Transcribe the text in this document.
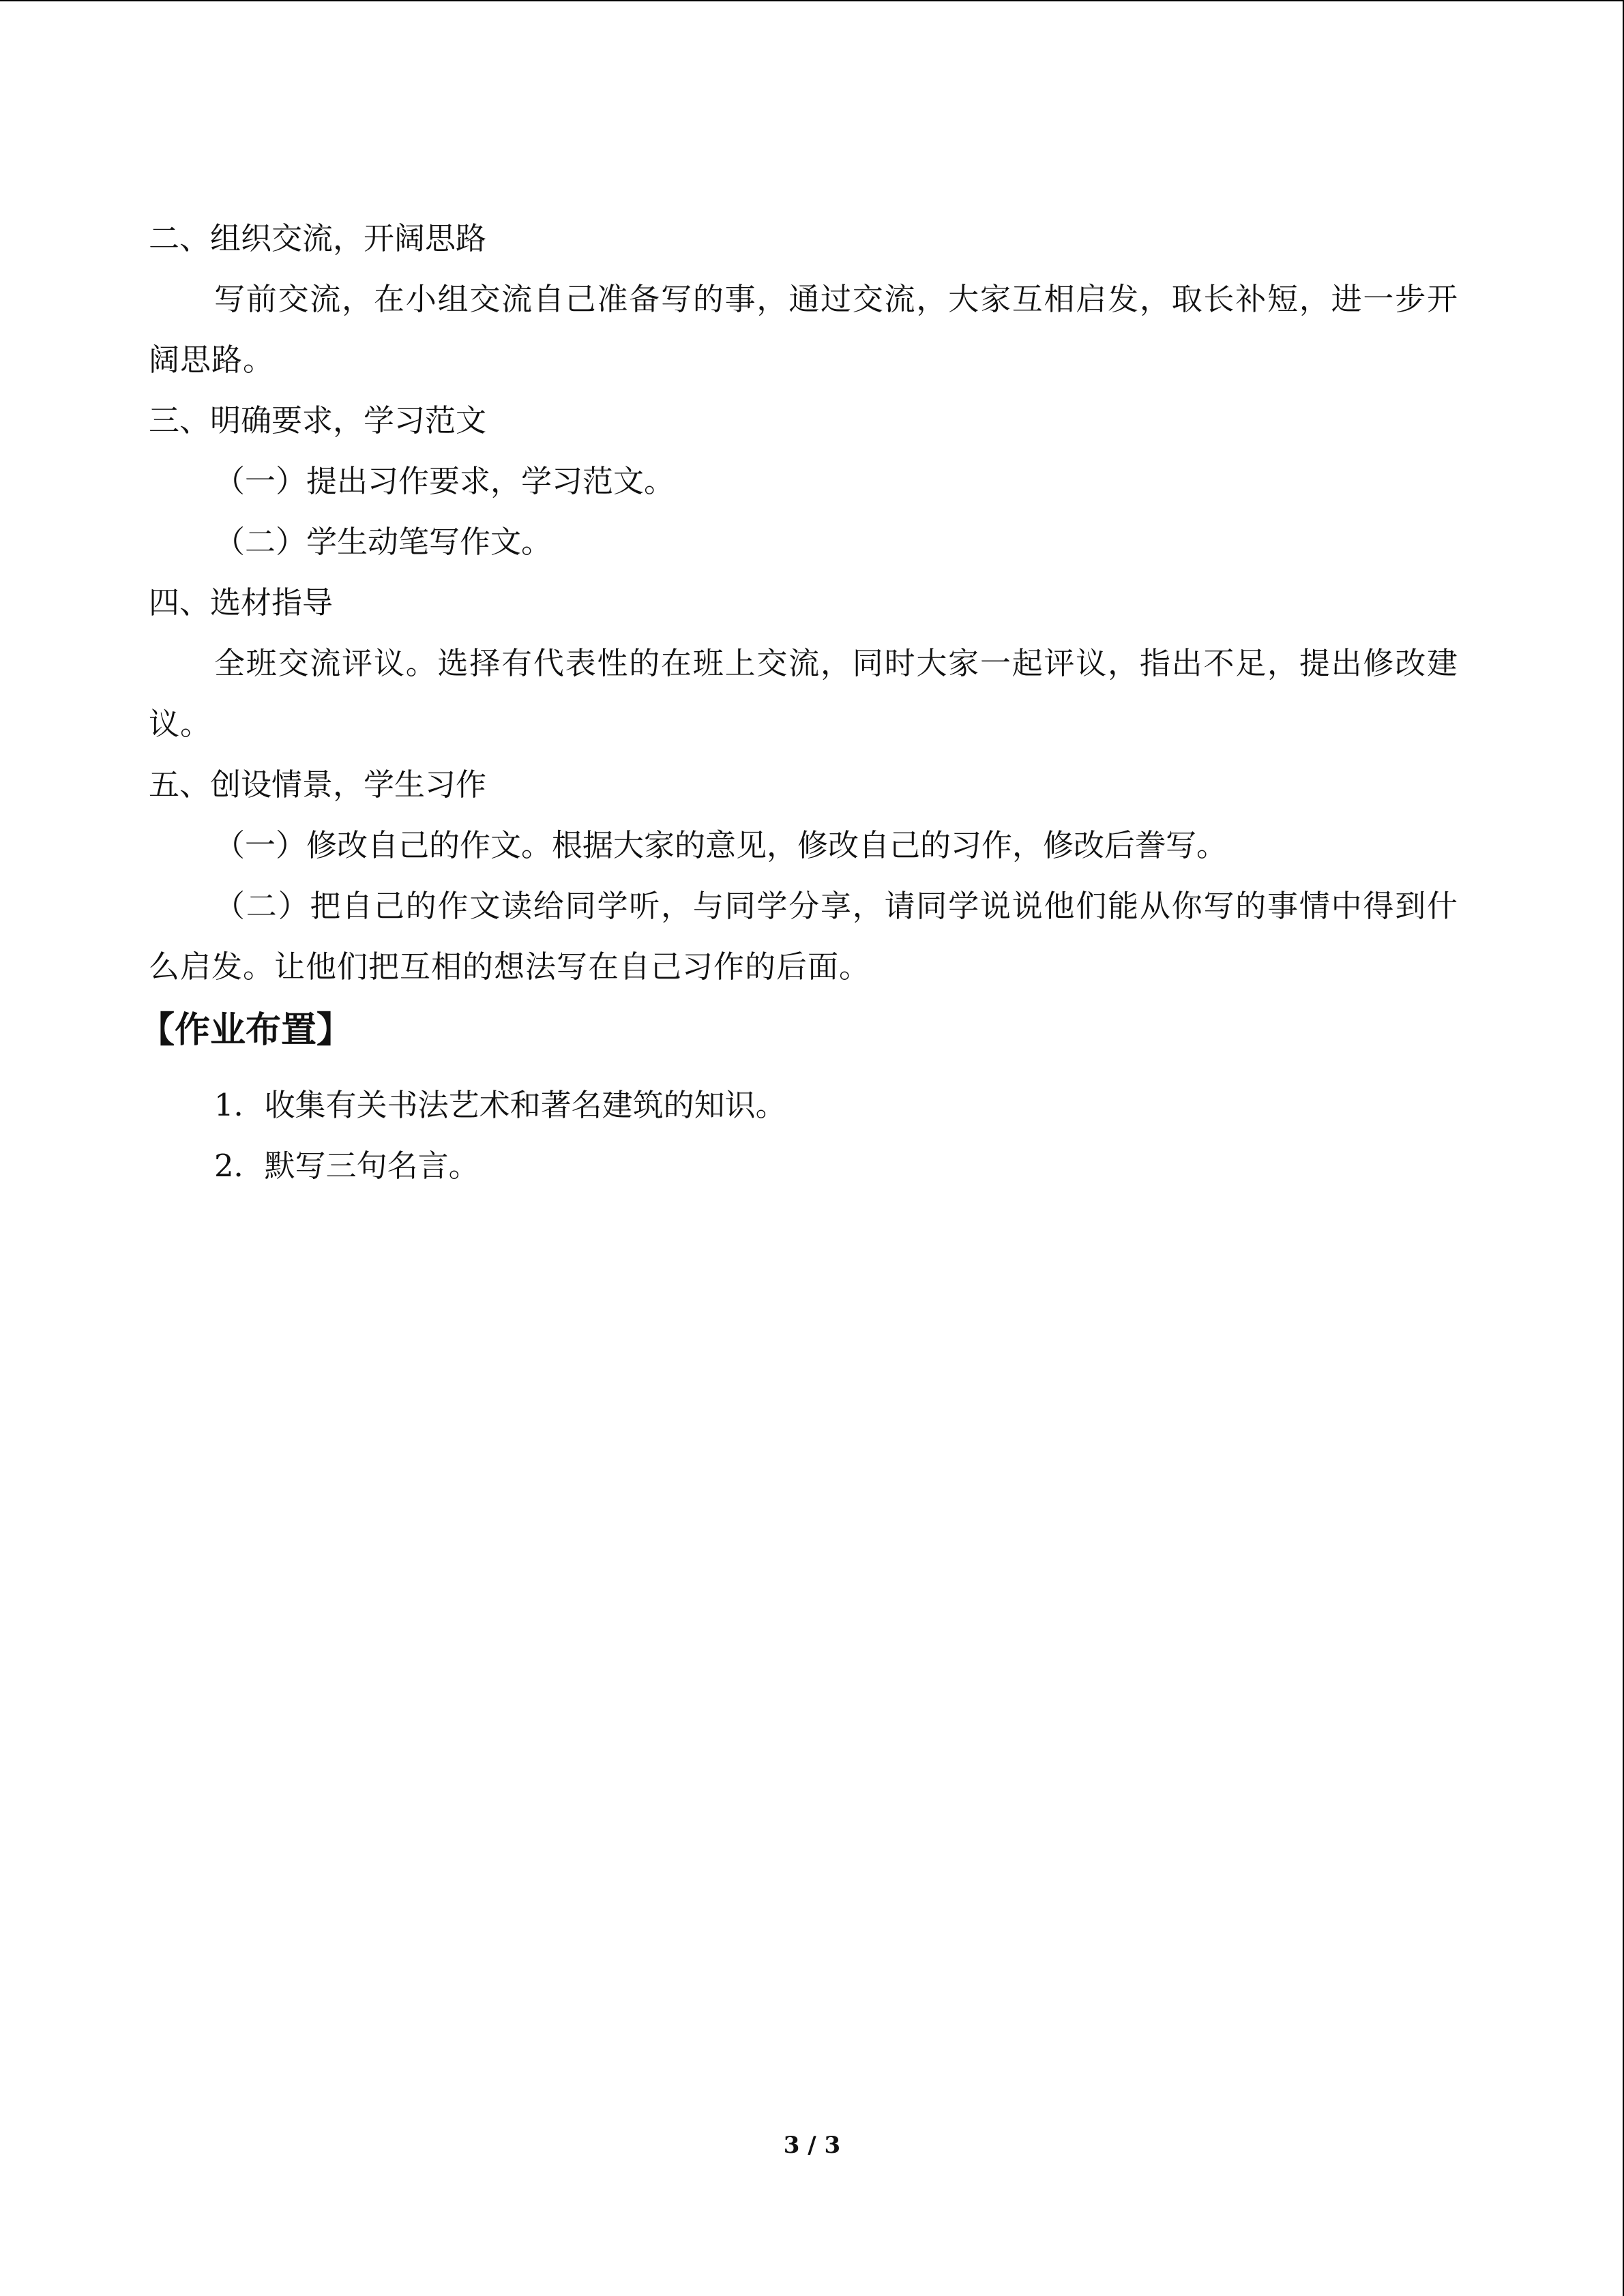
二、组织交流，开阔思路

写前交流，在小组交流自己准备写的事，通过交流，大家互相启发，取长补短，进一步开阔思路。

三、明确要求，学习范文

（一）提出习作要求，学习范文。

（二）学生动笔写作文。

四、选材指导

全班交流评议。选择有代表性的在班上交流，同时大家一起评议，指出不足，提出修改建议。

五、创设情景，学生习作

（一）修改自己的作文。根据大家的意见，修改自己的习作，修改后誊写。

（二）把自己的作文读给同学听，与同学分享，请同学说说他们能从你写的事情中得到什么启发。让他们把互相的想法写在自己习作的后面。

【作业布置】

1．收集有关书法艺术和著名建筑的知识。
2．默写三句名言。
3 / 3
